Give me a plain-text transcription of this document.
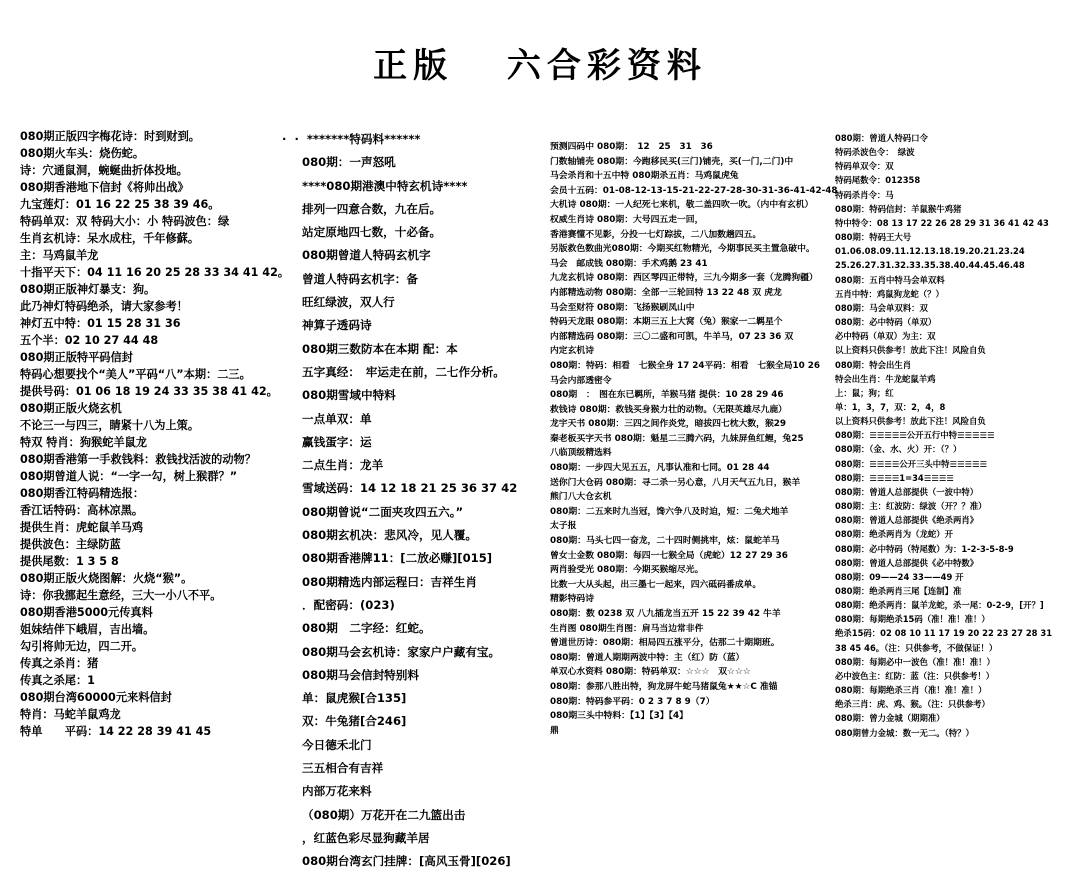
正版 六合彩资料
080期正版四字梅花诗：时到财到。
080期火车头：烧伤蛇。
诗：穴通鼠洞，蜿蜒曲折体投地。
080期香港地下信封《将帅出战》
九宝莲灯：01 16 22 25 38 39 46。
特码单双：双 特码大小：小 特码波色：绿
生肖玄机诗：呆水成柱，千年修蘇。
主：马鸡鼠羊龙
十指平天下：04 11 16 20 25 28 33 34 41 42。
080期正版神灯暴支：狗。
此乃神灯特码绝杀，请大家参考！
神灯五中特：01 15 28 31 36
五个半：02 10 27 44 48
080期正版特平码信封
特码心想要找个“美人”平码“八”本期：二三。
提供号码：01 06 18 19 24 33 35 38 41 42。
080期正版火烧玄机
不论三一与四三，睛紧十八为上策。
特双 特肖：狗猴蛇羊鼠龙
080期香港第一手救钱料：救钱找活波的动物？
080期曾道人说：“一字一勾，树上猴群？”
080期香江特码精选报：
香江话特码：高林凉黑。
提供生肖：虎蛇鼠羊马鸡
提供波色：主绿防蓝
提供尾数：1 3 5 8
080期正版火烧图解：火烧“猴”。
诗：你我挪起生意经，三大一小八不平。
080期香港5000元传真料
姐妹结伴下峨眉，吉出墙。
勾引将帅无边，四二开。
传真之杀肖：猪
传真之杀尾：1
080期台湾60000元来料信封
特肖：马蛇羊鼠鸡龙
特单　　平码：14 22 28 39 41 45
· · *******特码料******
080期：一声怒吼
****080期港澳中特玄机诗****
排列一四意合数，九在后。
站定原地四七数，十必备。
080期曾道人特码玄机字
曾道人特码玄机字：备
旺红绿波，双人行
神算子透码诗
080期三数防本在本期 配：本
五字真经：　牢运走在前，二七作分析。
080期雪域中特料
一点单双：单
赢钱蛋字：运
二点生肖：龙羊
雪域送码：14 12 18 21 25 36 37 42
080期曾说“二面夹攻四五六。”
080期玄机决：悲风冷，见人覆。
080期香港牌11：[二放必赚][015]
080期精选内部运程曰：吉祥生肖
．配密码：(023)
080期　二字经：红蛇。
080期马会玄机诗：家家户户藏有宝。
080期马会信封特别料
单：鼠虎猴[合135]
双：牛兔猪[合246]
今日德禾北门
三五相合有吉祥
内部万花来料
（080期）万花开在二九篮出击
，红蓝色彩尽显狗藏羊居
080期台湾玄门挂牌：[高风玉骨][026]
预测四码中 080期：　12　25　31　36
门数轴铺壳 080期：今跑移民买(三门)铺壳，买(一门,二门)中
马会杀肖和十五中特 080期杀五肖：马鸡鼠虎兔
会员十五码：01-08-12-13-15-21-22-27-28-30-31-36-41-42-48
大机诗 080期：一人纪死七来机，敬二盖四吹一吹。（内中有玄机）
权威生肖诗 080期：大号四五走一回，
香港赛懂不见影，分投一七灯踪拔，二八加数趟四五。
另版救色数曲光080期：今期买红物精光，今期事民买主置急破中。
马会　邮成钱 080期：手术鸡鹅 23 41
九龙玄机诗 080期：西区琴四正带特，三九今期多一套（龙腾狗疆）
内部精选动物 080期：全部一三轮回特 13 22 48 双 虎龙
马会至财符 080期：飞扬猴刷凤山中
特码天龙眼 080期：本期三五上大窝（兔）猴家一二羁星个
内部精选码 080期：三〇二盛和可凯，牛羊马，07 23 36 双
内定玄机诗
080期：特码：相看　七猴全身 17 24平码：相看　七猴全局10 26
马会内部透密令
080期　：　图在东已羁所，羊猴马猪 提供：10 28 29 46
救钱诗 080期：救钱买身猴力壮的动物。（无限英雄尽九鹿）
龙宇天书 080期：三四之间作炎党，暗拔四七枕大数，猴29
秦老板买字天书 080期：魁星二三腾六码，九妹屏鱼红鲤，兔25
八临顶级精选料
080期：一步四大见五五，凡事认准和七同。01 28 44
送你门大仓码 080期：寻二杀一另心意，八月天气五九日，猴羊
熊门八大仓玄机
080期：二五来时九当冠，馋六争八及时迫，短：二兔犬地羊
太子报
080期：马头七四一奋龙，二十四时侧挑牢，炫：鼠蛇羊马
曾女士金数 080期：每四一七猴全局（虎蛇）12 27 29 36
两肖验受光 080期：今期买猴缩尽光。
比数一大从头起，出三墨七一起来，四六砥码番成单。
精影特码诗
080期：数 0238 双 八九插龙当五开 15 22 39 42 牛羊
生肖图 080期生肖图：肩马当边常非件
曾道世历诗：080期：相局四五涨平分，估那二十期期班。
080期：曾道人期期两波中特：主（红）防（蓝）
单双心水资料 080期：特码单双：☆☆☆　双☆☆☆
080期：参那八胜出特，狗龙屏牛蛇马猪鼠兔★★☆C 准锚
080期：特码参平码：0 2 3 7 8 9（7）
080期三头中特料：【1】【3】【4】
鼎
080期：曾道人特码口令
特码杀波色令：　绿波
特码单双令：双
特码尾数令：012358
特码杀肖令：马
080期：特码信封：羊鼠猴牛鸡猪
特中特令：08 13 17 22 26 28 29 31 36 41 42 43
080期：特码王大号
01.06.08.09.11.12.13.18.19.20.21.23.24
25.26.27.31.32.33.35.38.40.44.45.46.48
080期：五肖中特马会单双料
五肖中特：鸡鼠狗龙蛇（？）
080期：马会单双料：双
080期：必中特码（单双）
必中特码（单双）为主：双
以上资料只供参考！放此下注！风险自负
080期：特会出生肖
特会出生肖：牛龙蛇鼠羊鸡
上：鼠；狗；红
单：1，3，7，双：2，4，8
以上资料只供参考！放此下注！风险自负
080期：☰☰☰☰☰公开五行中特☰☰☰☰☰
080期：（金、水、火）开：（？）
080期：☰☰☰☰公开三头中特☰☰☰☰☰
080期：☰☰☰☰1=34☰☰☰☰
080期：曾道人总部提供（一波中特）
080期：主：红波防：绿波（开？？准）
080期：曾道人总部提供《绝杀两肖》
080期：绝杀两肖为（龙蛇）开
080期：必中特码（特尾数）为：1-2-3-5-8-9
080期：曾道人总部提供《必中特数》
080期：09——24 33——49 开
080期：绝杀两肖三尾【连制】准
080期：绝杀两肖：鼠羊龙蛇，杀一尾：0-2-9，[开？]
080期：每期绝杀15码（准！准！准！）
绝杀15码：02 08 10 11 17 19 20 22 23 27 28 31
38 45 46。（注：只供参考，不做保证！）
080期：每期必中一波色（准！准！准！）
必中波色主：红防：蓝（注：只供参考！）
080期：每期绝杀三肖（准！准！准！）
绝杀三肖：虎、鸡、猴。（注：只供参考）
080期：曾力金城（期期准）
080期曾力金城：数一无二。（特？）
